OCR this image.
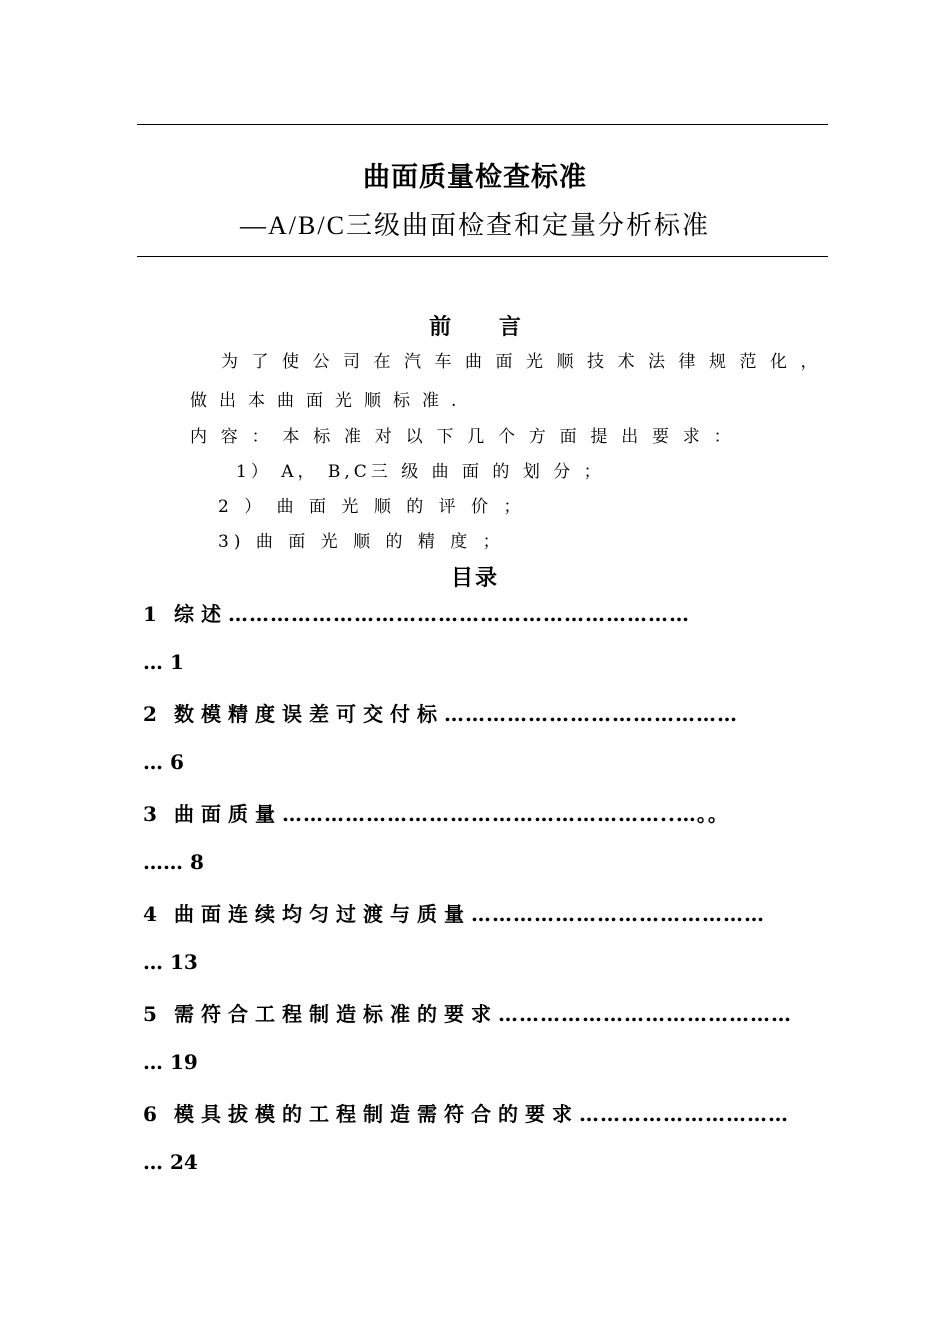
曲面质量检查标准
—A/B/C三级曲面检查和定量分析标准
前 言
为了使公司在汽车曲面光顺技术法律规范化，
做出本曲面光顺标准.
内容：本标准对以下几个方面提出要求：
1） A， B,C三 级 曲 面 的 划 分 ；
2 ） 曲 面 光 顺 的 评 价 ；
3) 曲 面 光 顺 的 精 度 ；
目录
1 综述…………………………………………………………
… 1
2 数模精度误差可交付标……………………………………
… 6
3 曲面质量………………………………………………..…。。
…… 8
4 曲面连续均匀过渡与质量……………………………………
… 13
5 需符合工程制造标准的要求……………………………………
… 19
6 模具拔模的工程制造需符合的要求…………………………
… 24
